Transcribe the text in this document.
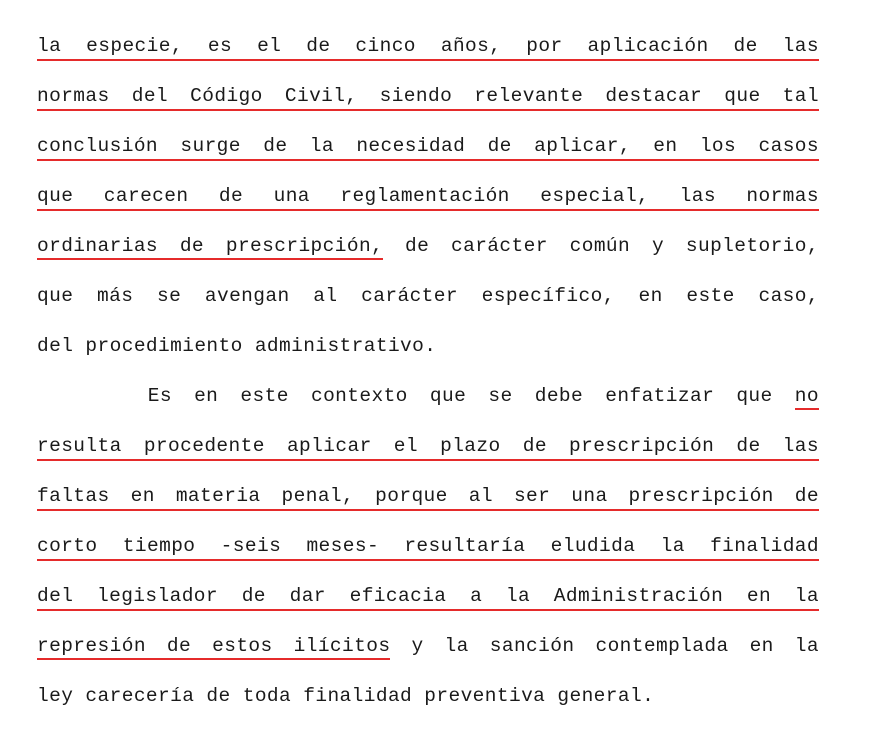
la especie, es el de cinco años, por aplicación de las
normas del Código Civil, siendo relevante destacar que tal
conclusión surge de la necesidad de aplicar, en los casos
que carecen de una reglamentación especial, las normas
ordinarias de prescripción, de carácter común y supletorio,
que más se avengan al carácter específico, en este caso,
del procedimiento administrativo.
Es en este contexto que se debe enfatizar que no
resulta procedente aplicar el plazo de prescripción de las
faltas en materia penal, porque al ser una prescripción de
corto tiempo -seis meses- resultaría eludida la finalidad
del legislador de dar eficacia a la Administración en la
represión de estos ilícitos y la sanción contemplada en la
ley carecería de toda finalidad preventiva general.
